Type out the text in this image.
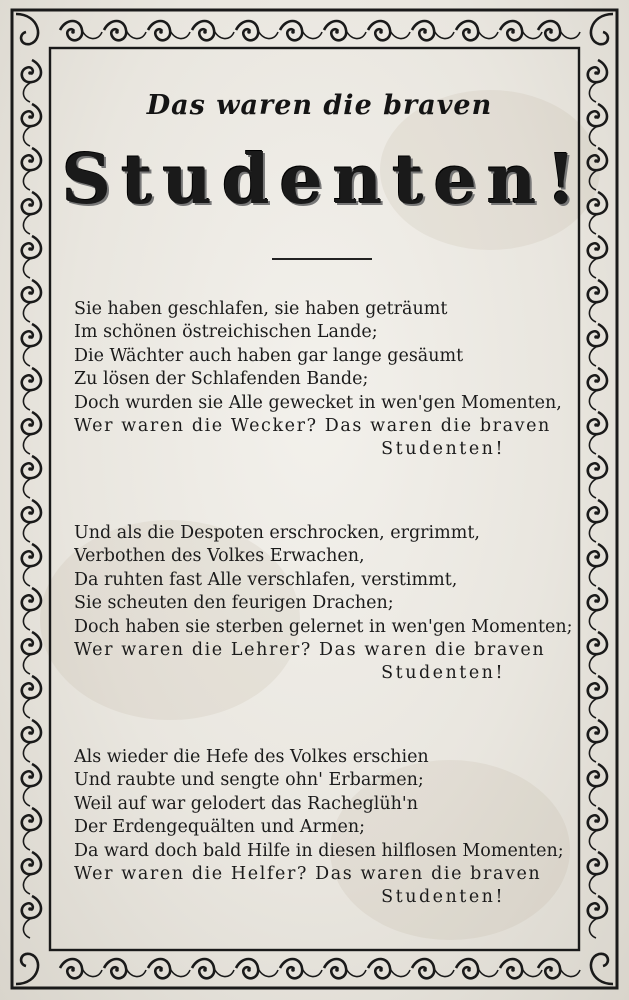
Das waren die braven
Studenten!
Sie haben geschlafen, sie haben geträumt
Im schönen östreichischen Lande;
Die Wächter auch haben gar lange gesäumt
Zu lösen der Schlafenden Bande;
Doch wurden sie Alle gewecket in wen'gen Momenten,
Wer waren die Wecker? Das waren die braven
Studenten!
Und als die Despoten erschrocken, ergrimmt,
Verbothen des Volkes Erwachen,
Da ruhten fast Alle verschlafen, verstimmt,
Sie scheuten den feurigen Drachen;
Doch haben sie sterben gelernet in wen'gen Momenten;
Wer waren die Lehrer? Das waren die braven
Studenten!
Als wieder die Hefe des Volkes erschien
Und raubte und sengte ohn' Erbarmen;
Weil auf war gelodert das Racheglüh'n
Der Erdengequälten und Armen;
Da ward doch bald Hilfe in diesen hilflosen Momenten;
Wer waren die Helfer? Das waren die braven
Studenten!
